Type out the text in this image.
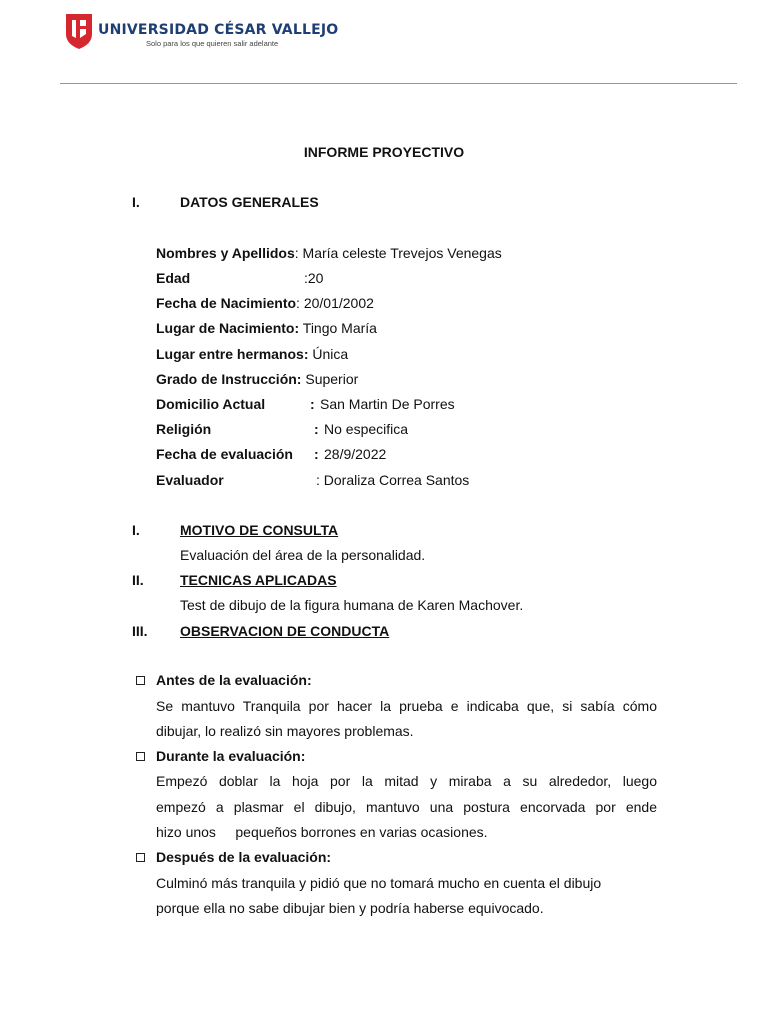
UNIVERSIDAD CÉSAR VALLEJO
Solo para los que quieren salir adelante
INFORME PROYECTIVO
I.	DATOS GENERALES
Nombres y Apellidos: María celeste Trevejos Venegas
Edad	:20
Fecha de Nacimiento: 20/01/2002
Lugar de Nacimiento: Tingo María
Lugar entre hermanos: Única
Grado de Instrucción: Superior
Domicilio Actual	: San Martin De Porres
Religión	: No especifica
Fecha de evaluación : 28/9/2022
Evaluador	: Doraliza Correa Santos
I.	MOTIVO DE CONSULTA
Evaluación del área de la personalidad.
II.	TECNICAS APLICADAS
Test de dibujo de la figura humana de Karen Machover.
III. OBSERVACION DE CONDUCTA
Antes de la evaluación:
Se mantuvo Tranquila por hacer la prueba e indicaba que, si sabía cómo
dibujar, lo realizó sin mayores problemas.
Durante la evaluación:
Empezó doblar la hoja por la mitad y miraba a su alrededor, luego
empezó a plasmar el dibujo, mantuvo una postura encorvada por ende
hizo unos     pequeños borrones en varias ocasiones.
Después de la evaluación:
Culminó más tranquila y pidió que no tomará mucho en cuenta el dibujo
porque ella no sabe dibujar bien y podría haberse equivocado.
